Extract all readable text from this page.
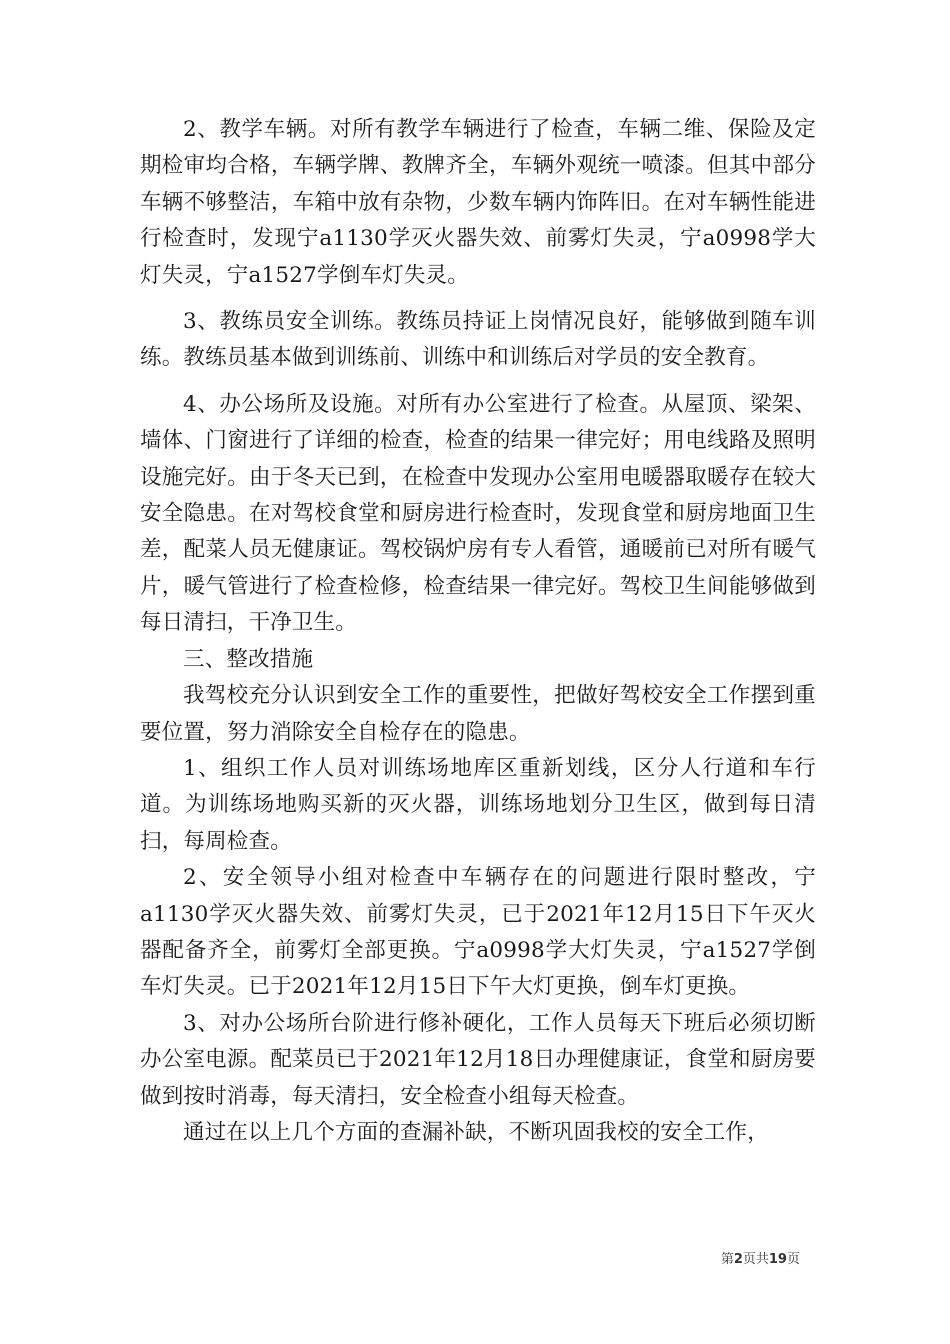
2、教学车辆。对所有教学车辆进行了检查，车辆二维、保险及定期检审均合格，车辆学牌、教牌齐全，车辆外观统一喷漆。但其中部分车辆不够整洁，车箱中放有杂物，少数车辆内饰阵旧。在对车辆性能进行检查时，发现宁a1130学灭火器失效、前雾灯失灵，宁a0998学大灯失灵，宁a1527学倒车灯失灵。

3、教练员安全训练。教练员持证上岗情况良好，能够做到随车训练。教练员基本做到训练前、训练中和训练后对学员的安全教育。

4、办公场所及设施。对所有办公室进行了检查。从屋顶、梁架、墙体、门窗进行了详细的检查，检查的结果一律完好；用电线路及照明设施完好。由于冬天已到，在检查中发现办公室用电暖器取暖存在较大安全隐患。在对驾校食堂和厨房进行检查时，发现食堂和厨房地面卫生差，配菜人员无健康证。驾校锅炉房有专人看管，通暖前已对所有暖气片，暖气管进行了检查检修，检查结果一律完好。驾校卫生间能够做到每日清扫，干净卫生。

三、整改措施

我驾校充分认识到安全工作的重要性，把做好驾校安全工作摆到重要位置，努力消除安全自检存在的隐患。

1、组织工作人员对训练场地库区重新划线，区分人行道和车行道。为训练场地购买新的灭火器，训练场地划分卫生区，做到每日清扫，每周检查。

2、安全领导小组对检查中车辆存在的问题进行限时整改，宁a1130学灭火器失效、前雾灯失灵，已于2021年12月15日下午灭火器配备齐全，前雾灯全部更换。宁a0998学大灯失灵，宁a1527学倒车灯失灵。已于2021年12月15日下午大灯更换，倒车灯更换。

3、对办公场所台阶进行修补硬化，工作人员每天下班后必须切断办公室电源。配菜员已于2021年12月18日办理健康证，食堂和厨房要做到按时消毒，每天清扫，安全检查小组每天检查。

通过在以上几个方面的查漏补缺，不断巩固我校的安全工作，

第2页共19页
